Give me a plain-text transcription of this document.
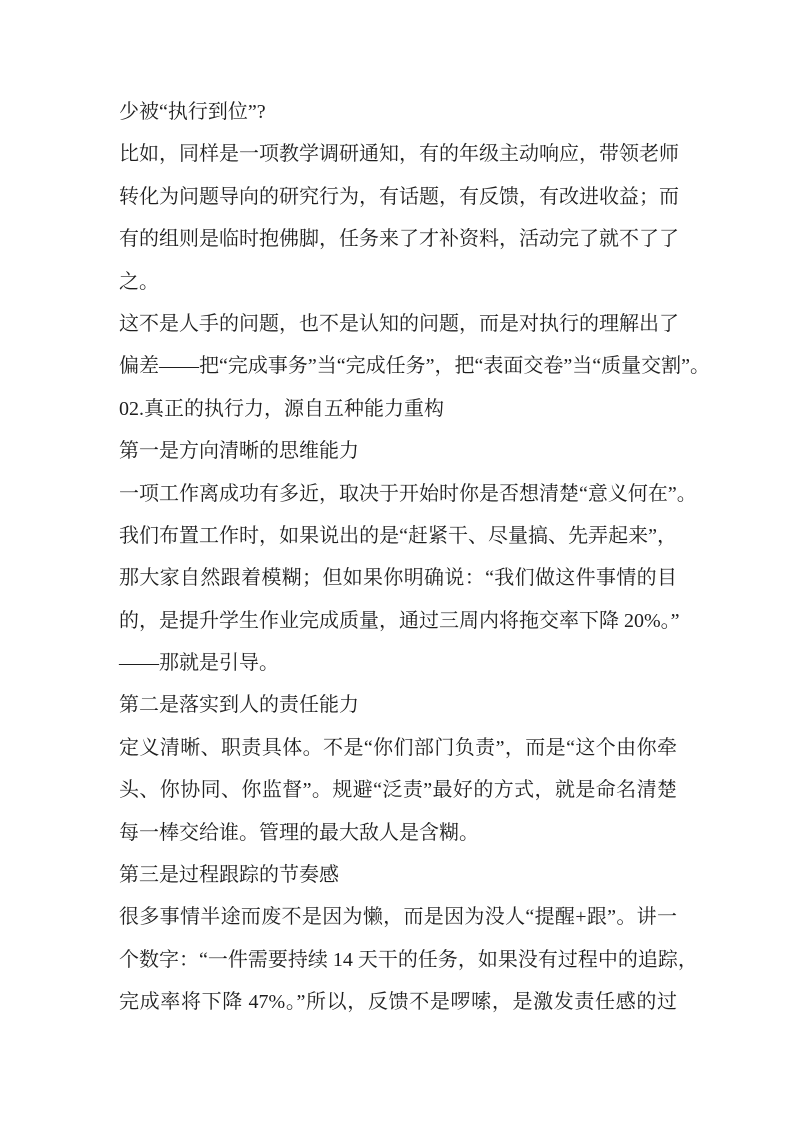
少被“执行到位”?
比如，同样是一项教学调研通知，有的年级主动响应，带领老师
转化为问题导向的研究行为，有话题，有反馈，有改进收益；而
有的组则是临时抱佛脚，任务来了才补资料，活动完了就不了了
之。
这不是人手的问题，也不是认知的问题，而是对执行的理解出了
偏差——把“完成事务”当“完成任务”，把“表面交卷”当“质量交割”。
02.真正的执行力，源自五种能力重构
第一是方向清晰的思维能力
一项工作离成功有多近，取决于开始时你是否想清楚“意义何在”。
我们布置工作时，如果说出的是“赶紧干、尽量搞、先弄起来”，
那大家自然跟着模糊；但如果你明确说：“我们做这件事情的目
的，是提升学生作业完成质量，通过三周内将拖交率下降 20%。”
——那就是引导。
第二是落实到人的责任能力
定义清晰、职责具体。不是“你们部门负责”，而是“这个由你牵
头、你协同、你监督”。规避“泛责”最好的方式，就是命名清楚
每一棒交给谁。管理的最大敌人是含糊。
第三是过程跟踪的节奏感
很多事情半途而废不是因为懒，而是因为没人“提醒+跟”。讲一
个数字：“一件需要持续 14 天干的任务，如果没有过程中的追踪，
完成率将下降 47%。”所以，反馈不是啰嗦，是激发责任感的过
